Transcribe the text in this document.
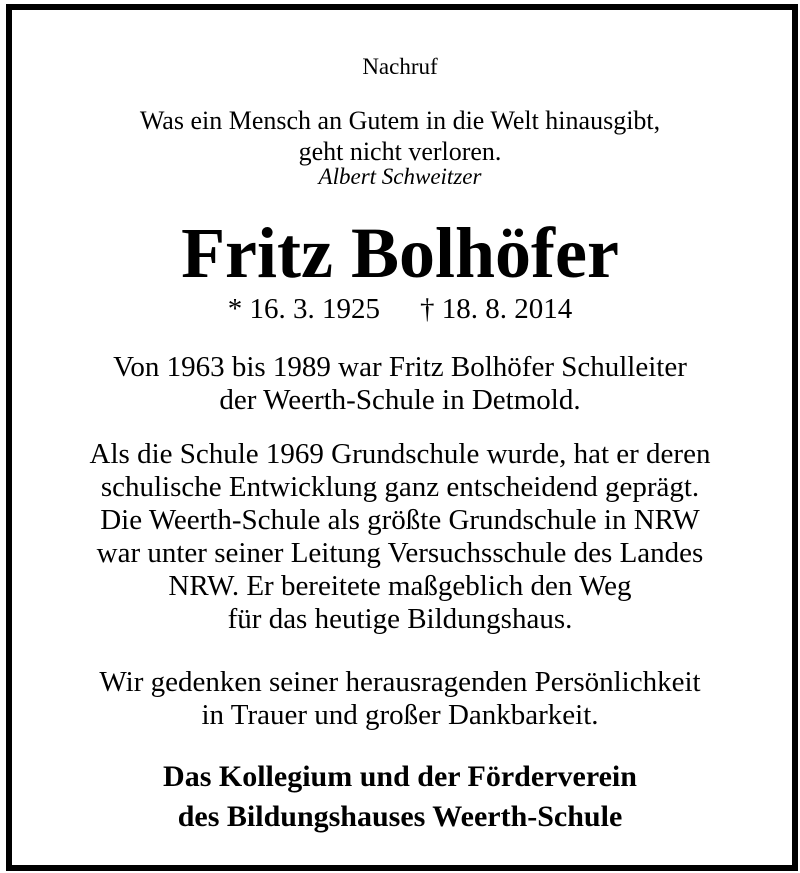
Nachruf
Was ein Mensch an Gutem in die Welt hinausgibt,
geht nicht verloren.
Albert Schweitzer
Fritz Bolhöfer
* 16. 3. 1925 † 18. 8. 2014
Von 1963 bis 1989 war Fritz Bolhöfer Schulleiter
der Weerth-Schule in Detmold.
Als die Schule 1969 Grundschule wurde, hat er deren
schulische Entwicklung ganz entscheidend geprägt.
Die Weerth-Schule als größte Grundschule in NRW
war unter seiner Leitung Versuchsschule des Landes
NRW. Er bereitete maßgeblich den Weg
für das heutige Bildungshaus.
Wir gedenken seiner herausragenden Persönlichkeit
in Trauer und großer Dankbarkeit.
Das Kollegium und der Förderverein
des Bildungshauses Weerth-Schule
